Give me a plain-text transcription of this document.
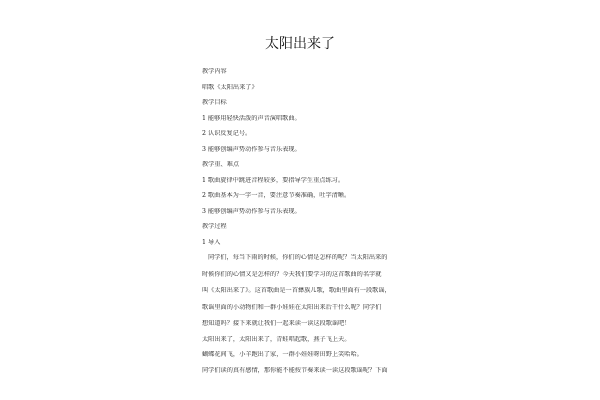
太阳出来了
教学内容
唱歌《太阳出来了》
教学目标
1 能够用轻快活泼的声音演唱歌曲。
2 认识反复记号。
3 能够创编声势动作参与音乐表现。
教学重、难点
1 歌曲旋律中跳进音程较多，要指导学生重点练习。
2 歌曲基本为一字一音，要注意节奏准确，吐字清晰。
3 能够创编声势动作参与音乐表现。
教学过程
1 导入
同学们，每当下雨的时候，你们的心情是怎样的呢？当太阳出来的
时候你们的心情又是怎样的？今天我们要学习的这首歌曲的名字就
叫《太阳出来了》。这首歌曲是一首彝族儿歌，歌曲里面有一段歌谣，
歌谣里面的小动物们和一群小娃娃在太阳出来后干什么呢？同学们
想知道吗？接下来就让我们一起来读一读这段歌谣吧！
太阳出来了，太阳出来了，青蛙唱起歌，燕子飞上天。
蝴蝶花间飞，小羊跑出了家，一群小娃娃呀田野上笑哈哈。
同学们读的真有感情，那你能不能按节奏来读一读这段歌谣呢？下面
